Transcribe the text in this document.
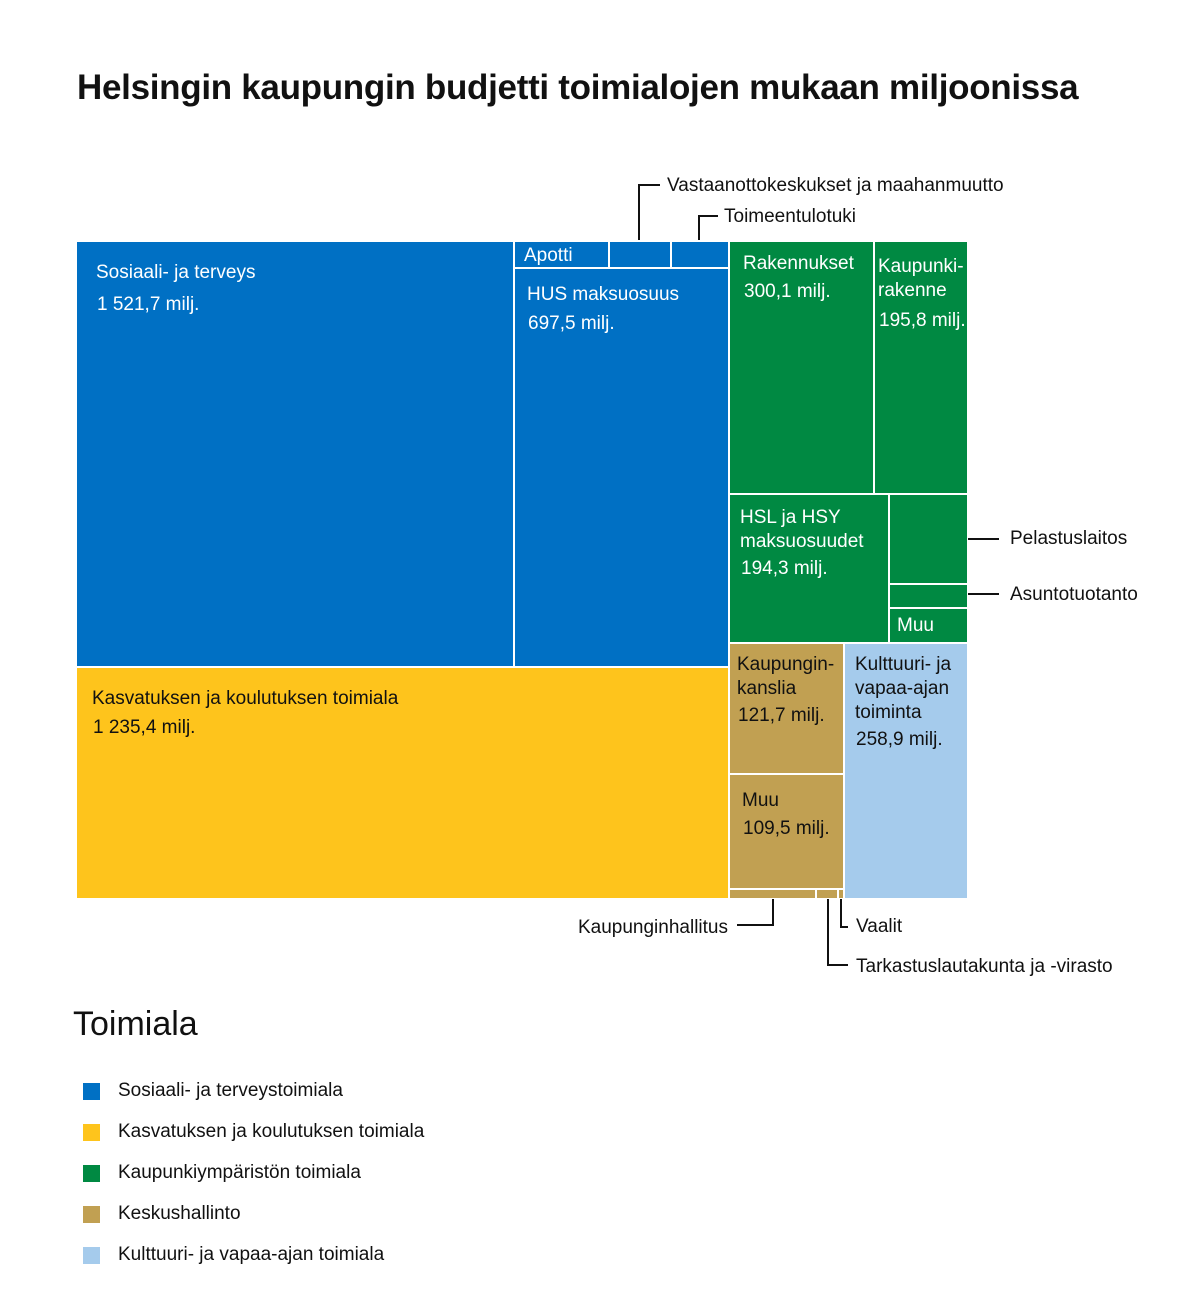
Helsingin kaupungin budjetti toimialojen mukaan miljoonissa
Sosiaali- ja terveys
1 521,7 milj.	HUS maksuosuus
697,5 milj.
Apotti
Kasvatuksen ja koulutuksen toimiala
1 235,4 milj.
Rakennukset
300,1 milj.
Kaupunki-
rakenne
195,8 milj.
HSL ja HSY
maksuosuudet
194,3 milj.
Muu
Kaupungin-
kanslia
121,7 milj.
Muu
109,5 milj.
Kulttuuri- ja
vapaa-ajan
toiminta
258,9 milj.
Vastaanottokeskukset ja maahanmuutto
Toimeentulotuki
Pelastuslaitos
Asuntotuotanto
Kaupunginhallitus
Tarkastuslautakunta ja -virasto
Vaalit
Toimiala
Sosiaali- ja terveystoimiala
Kasvatuksen ja koulutuksen toimiala
Kaupunkiympäristön toimiala
Keskushallinto
Kulttuuri- ja vapaa-ajan toimiala
